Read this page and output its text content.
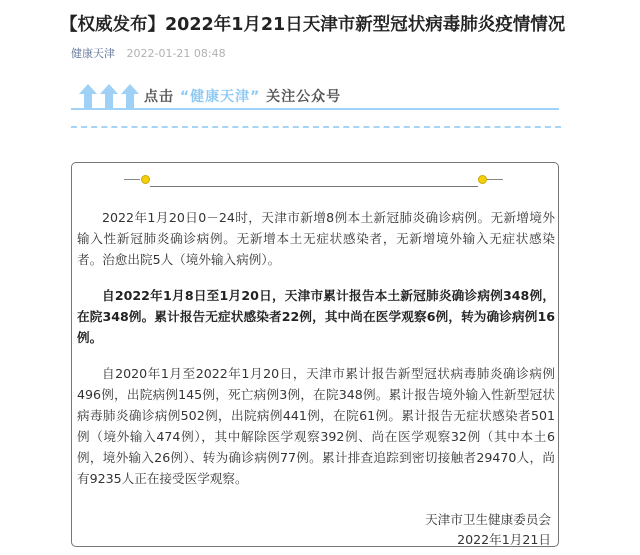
【权威发布】2022年1月21日天津市新型冠状病毒肺炎疫情情况
健康天津 2022-01-21 08:48
点击 “健康天津” 关注公众号

2022年1月20日0－24时，天津市新增8例本土新冠肺炎确诊病例。无新增境外输入性新冠肺炎确诊病例。无新增本土无症状感染者，无新增境外输入无症状感染者。治愈出院5人（境外输入病例）。

自2022年1月8日至1月20日，天津市累计报告本土新冠肺炎确诊病例348例，在院348例。累计报告无症状感染者22例，其中尚在医学观察6例，转为确诊病例16例。

自2020年1月至2022年1月20日，天津市累计报告新型冠状病毒肺炎确诊病例496例，出院病例145例，死亡病例3例，在院348例。累计报告境外输入性新型冠状病毒肺炎确诊病例502例，出院病例441例，在院61例。累计报告无症状感染者501例（境外输入474例），其中解除医学观察392例、尚在医学观察32例（其中本土6例，境外输入26例）、转为确诊病例77例。累计排查追踪到密切接触者29470人，尚有9235人正在接受医学观察。

天津市卫生健康委员会
2022年1月21日
